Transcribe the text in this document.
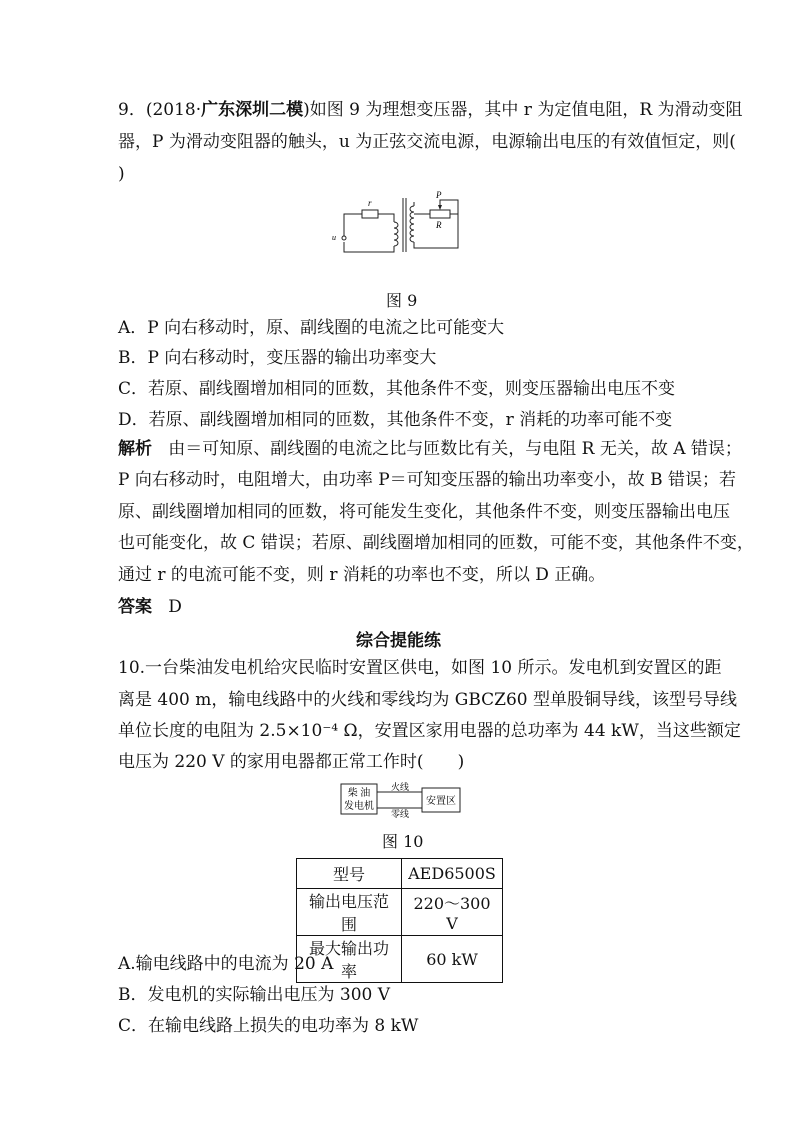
9．(2018·广东深圳二模)如图 9 为理想变压器，其中 r 为定值电阻，R 为滑动变阻
器，P 为滑动变阻器的触头，u 为正弦交流电源，电源输出电压的有效值恒定，则(
)
r
P
R
u
图 9
A．P 向右移动时，原、副线圈的电流之比可能变大
B．P 向右移动时，变压器的输出功率变大
C．若原、副线圈增加相同的匝数，其他条件不变，则变压器输出电压不变
D．若原、副线圈增加相同的匝数，其他条件不变，r 消耗的功率可能不变
解析 由＝可知原、副线圈的电流之比与匝数比有关，与电阻 R 无关，故 A 错误；
P 向右移动时，电阻增大，由功率 P＝可知变压器的输出功率变小，故 B 错误；若
原、副线圈增加相同的匝数，将可能发生变化，其他条件不变，则变压器输出电压
也可能变化，故 C 错误；若原、副线圈增加相同的匝数，可能不变，其他条件不变，
通过 r 的电流可能不变，则 r 消耗的功率也不变，所以 D 正确。
答案 D
综合提能练
10.一台柴油发电机给灾民临时安置区供电，如图 10 所示。发电机到安置区的距
离是 400 m，输电线路中的火线和零线均为 GBCZ60 型单股铜导线，该型号导线
单位长度的电阻为 2.5×10⁻⁴ Ω，安置区家用电器的总功率为 44 kW，当这些额定
电压为 220 V 的家用电器都正常工作时(　　)
柴 油
发电机
火线
零线
安置区
图 10
型号	AED6500S
输出电压范围	220～300 V
最大输出功率	60 kW
A.输电线路中的电流为 20 A
B．发电机的实际输出电压为 300 V
C．在输电线路上损失的电功率为 8 kW
